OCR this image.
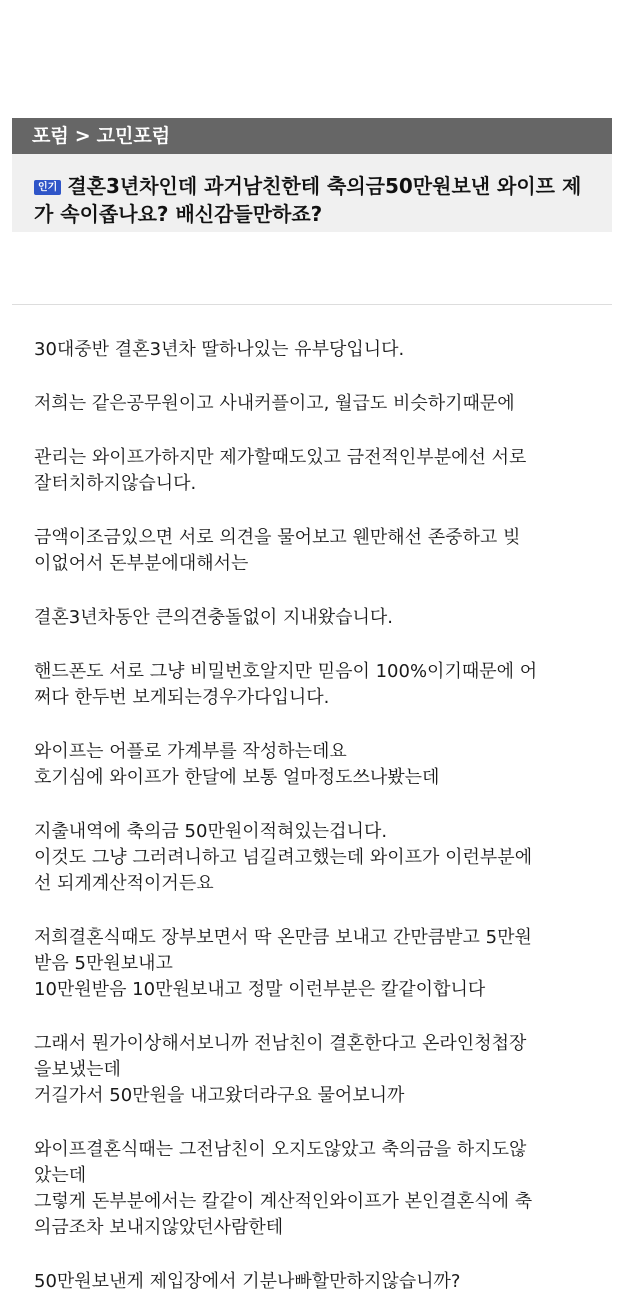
포럼 > 고민포럼
인기 결혼3년차인데 과거남친한테 축의금50만원보낸 와이프 제가 속이좁나요? 배신감들만하죠?

30대중반 결혼3년차 딸하나있는 유부당입니다.

저희는 같은공무원이고 사내커플이고, 월급도 비슷하기때문에

관리는 와이프가하지만 제가할때도있고 금전적인부분에선 서로
잘터치하지않습니다.

금액이조금있으면 서로 의견을 물어보고 웬만해선 존중하고 빚
이없어서 돈부분에대해서는

결혼3년차동안 큰의견충돌없이 지내왔습니다.

핸드폰도 서로 그냥 비밀번호알지만 믿음이 100%이기때문에 어
쩌다 한두번 보게되는경우가다입니다.

와이프는 어플로 가계부를 작성하는데요
호기심에 와이프가 한달에 보통 얼마정도쓰나봤는데

지출내역에 축의금 50만원이적혀있는겁니다.
이것도 그냥 그러려니하고 넘길려고했는데 와이프가 이런부분에
선 되게계산적이거든요

저희결혼식때도 장부보면서 딱 온만큼 보내고 간만큼받고 5만원
받음 5만원보내고
10만원받음 10만원보내고 정말 이런부분은 칼같이합니다

그래서 뭔가이상해서보니까 전남친이 결혼한다고 온라인청첩장
을보냈는데
거길가서 50만원을 내고왔더라구요 물어보니까

와이프결혼식때는 그전남친이 오지도않았고 축의금을 하지도않
았는데
그렇게 돈부분에서는 칼같이 계산적인와이프가 본인결혼식에 축
의금조차 보내지않았던사람한테

50만원보낸게 제입장에서 기분나빠할만하지않습니까?
